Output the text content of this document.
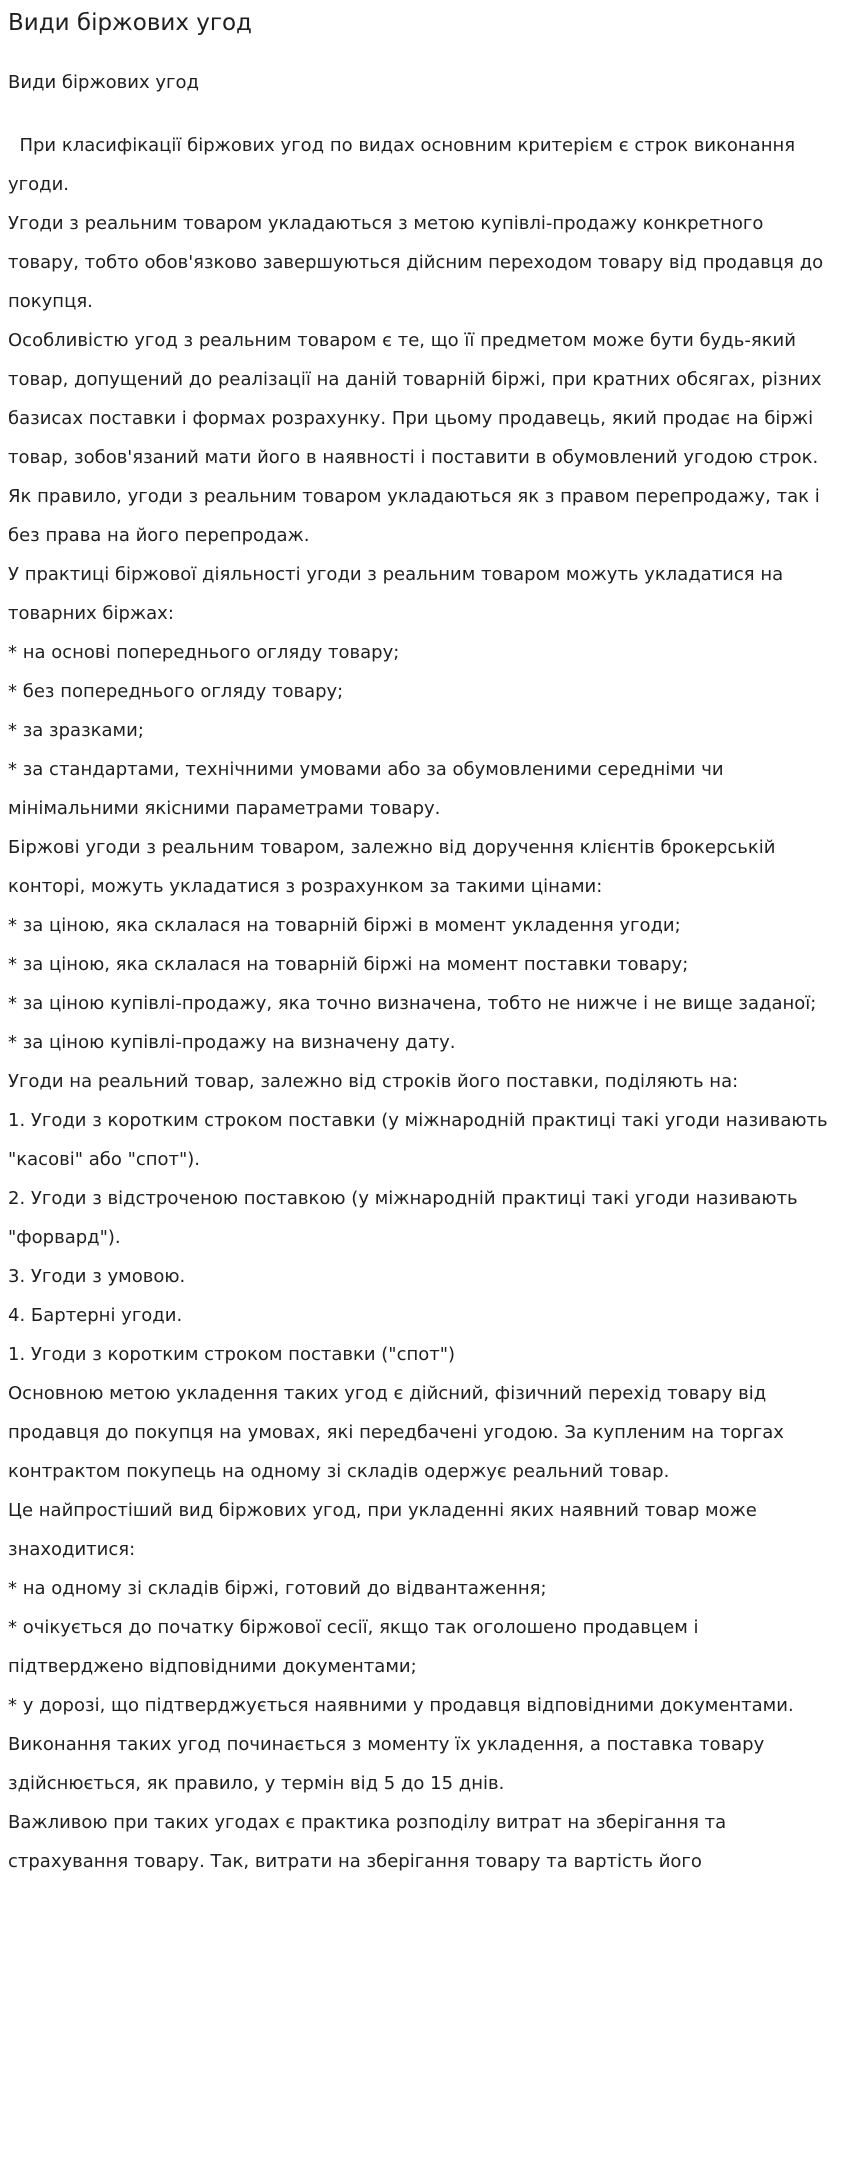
Види біржових угод
Види біржових угод

При класифікації біржових угод по видах основним критерієм є строк виконання угоди.

Угоди з реальним товаром укладаються з метою купівлі-продажу конкретного товару, тобто обов'язково завершуються дійсним переходом товару від продавця до покупця.

Особливістю угод з реальним товаром є те, що її предметом може бути будь-який товар, допущений до реалізації на даній товарній біржі, при кратних обсягах, різних базисах поставки і формах розрахунку. При цьому продавець, який продає на біржі товар, зобов'язаний мати його в наявності і поставити в обумовлений угодою строк.

Як правило, угоди з реальним товаром укладаються як з правом перепродажу, так і без права на його перепродаж.

У практиці біржової діяльності угоди з реальним товаром можуть укладатися на товарних біржах:

* на основі попереднього огляду товару;

* без попереднього огляду товару;

* за зразками;

* за стандартами, технічними умовами або за обумовленими середніми чи мінімальними якісними параметрами товару.

Біржові угоди з реальним товаром, залежно від доручення клієнтів брокерській конторі, можуть укладатися з розрахунком за такими цінами:

* за ціною, яка склалася на товарній біржі в момент укладення угоди;

* за ціною, яка склалася на товарній біржі на момент поставки товару;

* за ціною купівлі-продажу, яка точно визначена, тобто не нижче і не вище заданої;

* за ціною купівлі-продажу на визначену дату.

Угоди на реальний товар, залежно від строків його поставки, поділяють на:

1. Угоди з коротким строком поставки (у міжнародній практиці такі угоди називають "касові" або "спот").

2. Угоди з відстроченою поставкою (у міжнародній практиці такі угоди називають "форвард").

3. Угоди з умовою.

4. Бартерні угоди.

1. Угоди з коротким строком поставки ("спот")

Основною метою укладення таких угод є дійсний, фізичний перехід товару від продавця до покупця на умовах, які передбачені угодою. За купленим на торгах контрактом покупець на одному зі складів одержує реальний товар.

Це найпростіший вид біржових угод, при укладенні яких наявний товар може знаходитися:

* на одному зі складів біржі, готовий до відвантаження;

* очікується до початку біржової сесії, якщо так оголошено продавцем і підтверджено відповідними документами;

* у дорозі, що підтверджується наявними у продавця відповідними документами.

Виконання таких угод починається з моменту їх укладення, а поставка товару здійснюється, як правило, у термін від 5 до 15 днів.

Важливою при таких угодах є практика розподілу витрат на зберігання та страхування товару. Так, витрати на зберігання товару та вартість його
